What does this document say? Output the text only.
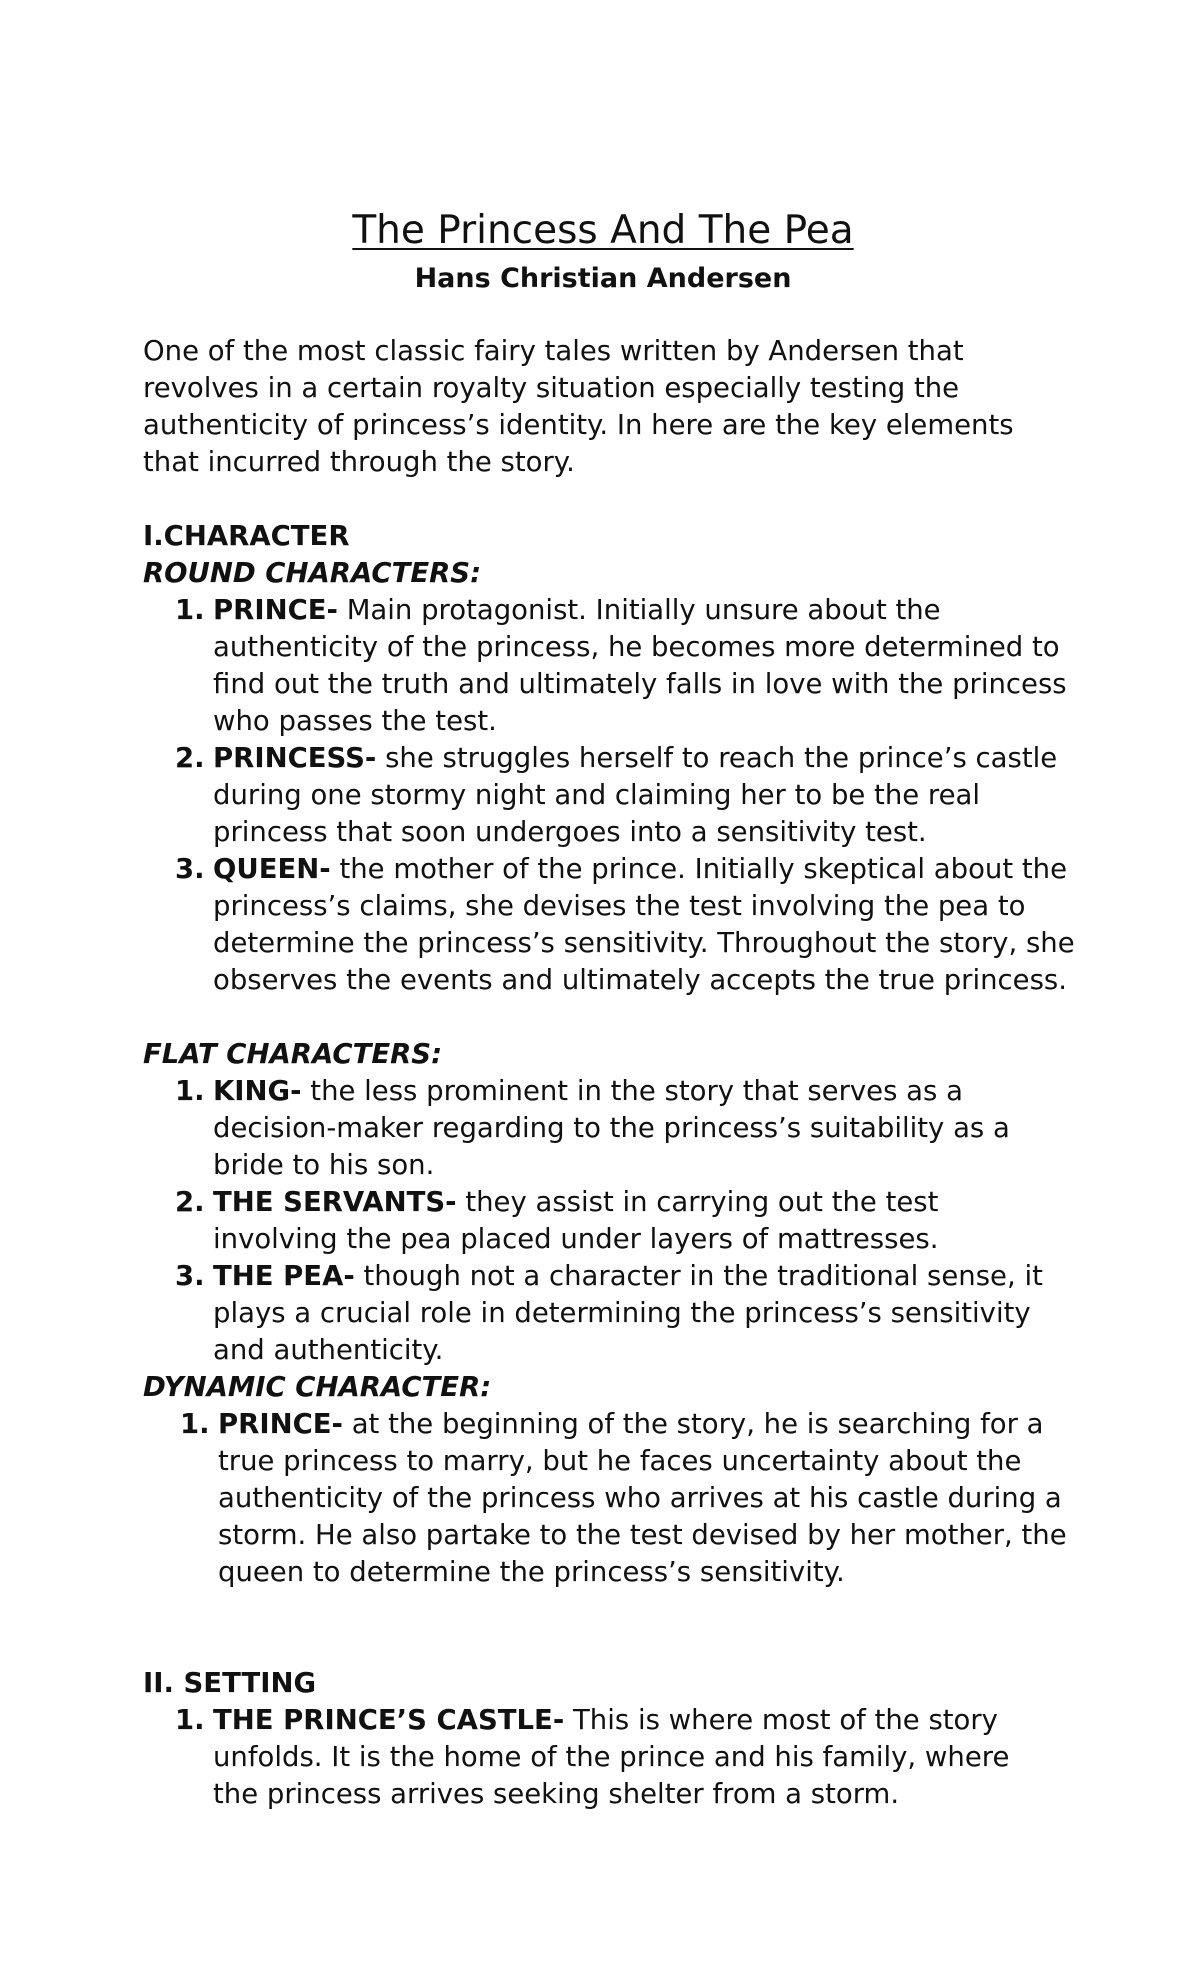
The Princess And The Pea

Hans Christian Andersen

One of the most classic fairy tales written by Andersen that revolves in a certain royalty situation especially testing the authenticity of princess’s identity. In here are the key elements that incurred through the story.

I.CHARACTER
ROUND CHARACTERS:
1. PRINCE- Main protagonist. Initially unsure about the authenticity of the princess, he becomes more determined to find out the truth and ultimately falls in love with the princess who passes the test.
2. PRINCESS- she struggles herself to reach the prince’s castle during one stormy night and claiming her to be the real princess that soon undergoes into a sensitivity test.
3. QUEEN- the mother of the prince. Initially skeptical about the princess’s claims, she devises the test involving the pea to determine the princess’s sensitivity. Throughout the story, she observes the events and ultimately accepts the true princess.
FLAT CHARACTERS:
1. KING- the less prominent in the story that serves as a decision-maker regarding to the princess’s suitability as a bride to his son.
2. THE SERVANTS- they assist in carrying out the test involving the pea placed under layers of mattresses.
3. THE PEA- though not a character in the traditional sense, it plays a crucial role in determining the princess’s sensitivity and authenticity.
DYNAMIC CHARACTER:
1. PRINCE- at the beginning of the story, he is searching for a true princess to marry, but he faces uncertainty about the authenticity of the princess who arrives at his castle during a storm. He also partake to the test devised by her mother, the queen to determine the princess’s sensitivity.
II. SETTING
1. THE PRINCE’S CASTLE- This is where most of the story unfolds. It is the home of the prince and his family, where the princess arrives seeking shelter from a storm.
